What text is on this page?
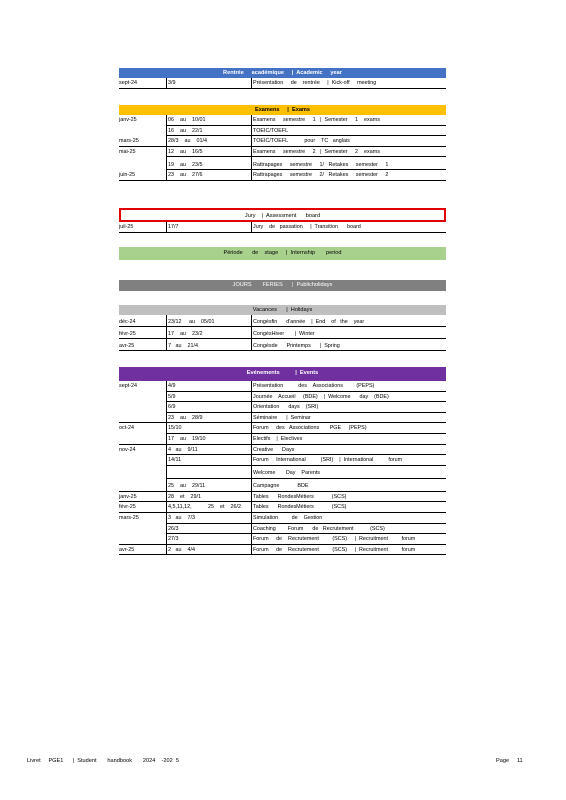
Rentrée     académique     |  Academic     year
sept-24	3/9	Présentation     de    rentrée     |  Kick-off     meeting
Examens     |  Exams
janv-25	06    au    10/01	Examens     semestre     1   |  Semester     1    exams
16    au    22/1	TOEIC/TOEFL
mars-25	28/3    au    01/4	TOEIC/TOEFL           pour    TC   anglais
mai-25	12    au    16/5	Examens     semestre     2   |  Semester     2    exams
19    au    23/5	Rattrapages     semestre     1/   Retakes     semester     1
juin-25	23    au    27/6	Rattrapages     semestre     2/   Retakes     semester     2
Jury    |  Assessment      board
juil-25	17/7	Jury    de   passation     |  Transition      board
Période      de    stage     |  Internship       period
JOURS       FERIES      |  Publicholidays
Vacances      |  Holidays
déc-24	23/12     au    05/01	Congésfin      d'année    |  End    of   the    year
févr-25	17    au    23/2	CongésHiver       |  Winter
avr-25	7   au    21/4	Congésde      Printemps      |  Spring
Evénements          |  Events
sept-24	4/9	Présentation          des    Associations         (PEPS)
5/9	Journée    Accueil     (BDE)    |  Welcome      day    (BDE)
6/9	Orientation      days    (SRI)
23    au    28/9	Séminaire      |  Seminar
oct-24	15/10	Forum     des   Associations       PGE     (PEPS)
17    au    19/10	Electifs    |  Electives
nov-24	4   au    9/11	Creative      Days
14/11	Forum     International          (SRI)    |  International          forum
Welcome       Day    Parents
25    au    29/11	Campagne            BDE
janv-25	28    et    29/1	Tables      RondesMétiers            (SCS)
févr-25	4,5,11,12,           25    et    26/2	Tables      RondesMétiers            (SCS)
mars-25	3   au    7/3	Simulation         de    Gestion
26/3	Coaching        Forum      de   Recrutement           (SCS)
27/3	Forum     de    Recrutement         (SCS)     |  Recruitment         forum
avr-25	2   au    4/4	Forum     de    Recrutement         (SCS)     |  Recruitment         forum
Livret     PGE1      |  Student       handbook       2024    -202  5	Page     11
